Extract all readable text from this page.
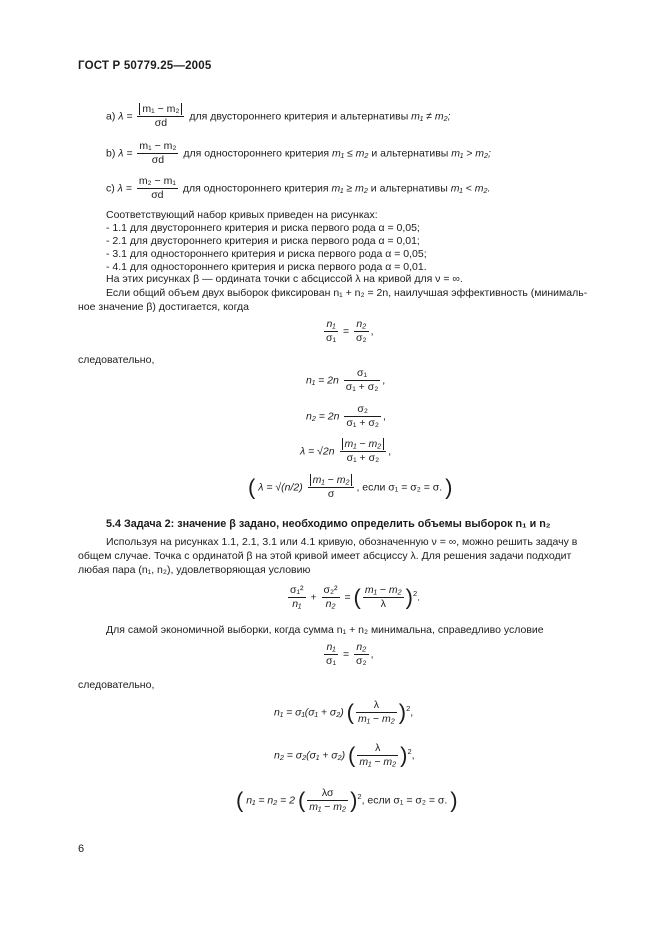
ГОСТ Р 50779.25—2005
а) $\lambda = \frac{\text{m₁ − m₂}}{\sigma d}$ для двустороннего критерия и альтернативы m₁ ≠ m₂;
b) $\lambda = \frac{\text{m₁ − m₂}}{\sigma d}$ для одностороннего критерия m₁ ≤ m₂ и альтернативы m₁ > m₂;
c) $\lambda = \frac{\text{m₂ − m₁}}{\sigma d}$ для одностороннего критерия m₁ ≥ m₂ и альтернативы m₁ < m₂.
Соответствующий набор кривых приведен на рисунках:
- 1.1 для двустороннего критерия и риска первого рода α = 0,05;
- 2.1 для двустороннего критерия и риска первого рода α = 0,01;
- 3.1 для одностороннего критерия и риска первого рода α = 0,05;
- 4.1 для одностороннего критерия и риска первого рода α = 0,01.
На этих рисунках β — ордината точки с абсциссой λ на кривой для ν = ∞.
Если общий объем двух выборок фиксирован n₁ + n₂ = 2n, наилучшая эффективность (минималь-
ное значение β) достигается, когда
$\frac{\text{n₁}}{\text{σ₁}} = \frac{\text{n₂}}{\text{σ₂}}$ ,
следовательно,
$n_1 = 2n \frac{\text{σ₁}}{\text{σ₁ + σ₂}}$ ,
$n_2 = 2n \frac{\text{σ₂}}{\text{σ₁ + σ₂}}$ ,
$\lambda = √2n \frac{\text{m₁ − m₂}}{\text{σ₁ + σ₂}}$ ,
( $\lambda = √(n/2) \frac{\text{m₁ − m₂}}{\sigma}$ , если σ₁ = σ₂ = σ. )
5.4 Задача 2: значение β задано, необходимо определить объемы выборок n₁ и n₂
Используя на рисунках 1.1, 2.1, 3.1 или 4.1 кривую, обозначенную ν = ∞, можно решить задачу в
общем случае. Точка с ординатой β на этой кривой имеет абсциссу λ. Для решения задачи подходит
любая пара (n₁, n₂), удовлетворяющая условию
$\frac{\text{σ₁²}}{\text{n₁}} + \frac{\text{σ₂²}}{\text{n₂}}$ = ( $\frac{\text{m₁ − m₂}}{\lambda} )^2$.
Для самой экономичной выборки, когда сумма n₁ + n₂ минимальна, справедливо условие
$\frac{\text{n₁}}{\text{σ₁}} = \frac{\text{n₂}}{\text{σ₂}}$ ,
следовательно,
n₁ = σ₁(σ₁ + σ₂) ( $\frac{\lambda}{\text{m₁ − m₂}} )^2$,
n₂ = σ₂(σ₁ + σ₂) ( $\frac{\lambda}{\text{m₁ − m₂}} )^2$,
( n₁ = n₂ = 2 ( $\frac{\lambda\sigma}{\text{m₁ − m₂}} )^2$, если σ₁ = σ₂ = σ. )
6
